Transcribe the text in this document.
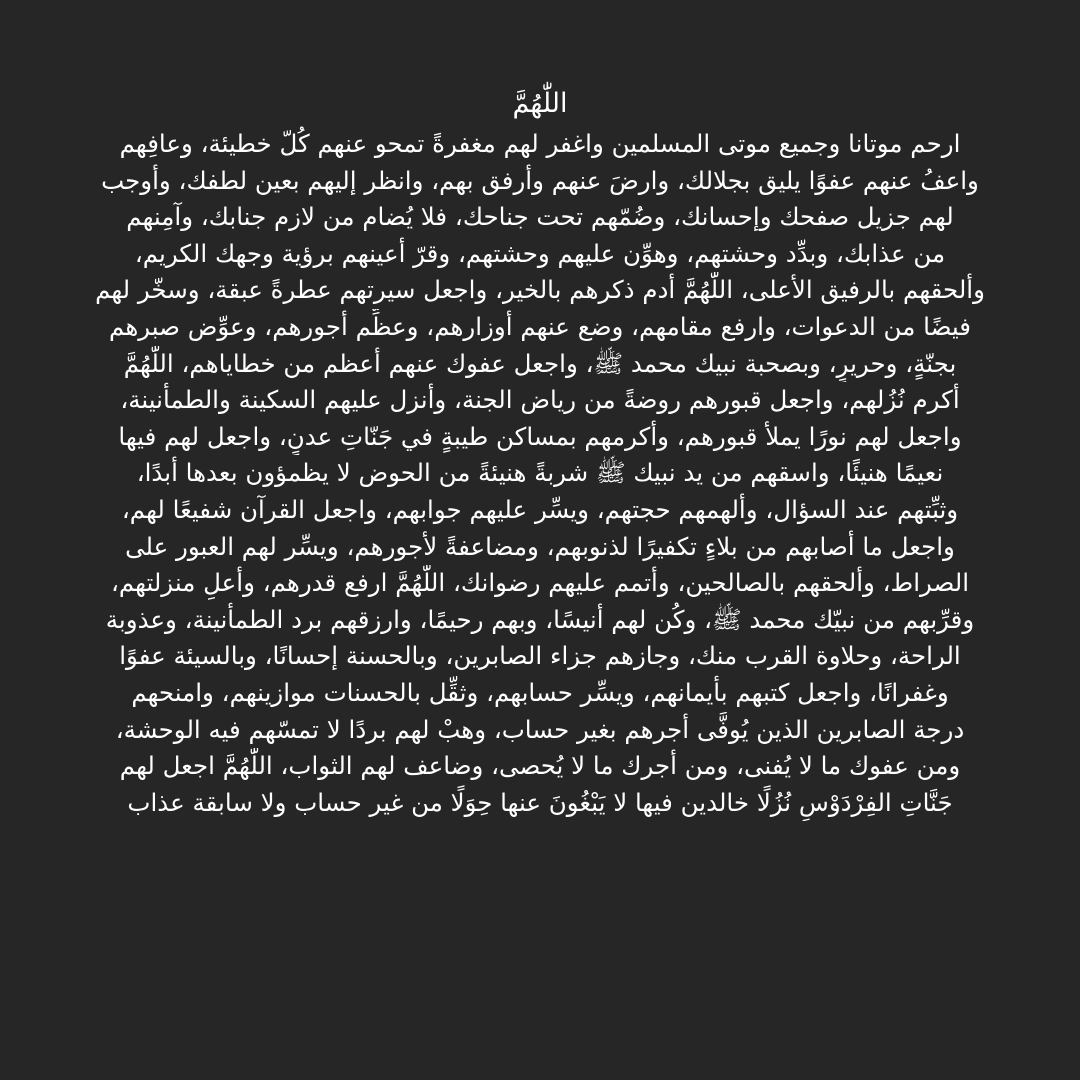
اللّٰهُمَّ
ارحم موتانا وجميع موتى المسلمين واغفر لهم مغفرةً تمحو عنهم كُلّ خطيئة، وعافِهم
واعفُ عنهم عفوًا يليق بجلالك، وارضَ عنهم وأرفق بهم، وانظر إليهم بعين لطفك، وأوجب
لهم جزيل صفحك وإحسانك، وضُمّهم تحت جناحك، فلا يُضام من لازم جنابك، وآمِنهم
من عذابك، وبدِّد وحشتهم، وهوِّن عليهم وحشتهم، وقرّ أعينهم برؤية وجهك الكريم،
وألحقهم بالرفيق الأعلى، اللّٰهُمَّ أدم ذكرهم بالخير، واجعل سيرتهم عطرةً عبقة، وسخّر لهم
فيضًا من الدعوات، وارفع مقامهم، وضع عنهم أوزارهم، وعظِّم أجورهم، وعوِّض صبرهم
بجنّةٍ، وحريرٍ، وبصحبة نبيك محمد ﷺ، واجعل عفوك عنهم أعظم من خطاياهم، اللّٰهُمَّ
أكرم نُزُلهم، واجعل قبورهم روضةً من رياض الجنة، وأنزل عليهم السكينة والطمأنينة،
واجعل لهم نورًا يملأ قبورهم، وأكرمهم بمساكن طيبةٍ في جَنّاتِ عدنٍ، واجعل لهم فيها
نعيمًا هنيئًا، واسقهم من يد نبيك ﷺ شربةً هنيئةً من الحوض لا يظمؤون بعدها أبدًا،
وثبِّتهم عند السؤال، وألهمهم حجتهم، ويسِّر عليهم جوابهم، واجعل القرآن شفيعًا لهم،
واجعل ما أصابهم من بلاءٍ تكفيرًا لذنوبهم، ومضاعفةً لأجورهم، ويسِّر لهم العبور على
الصراط، وألحقهم بالصالحين، وأتمم عليهم رضوانك، اللّٰهُمَّ ارفع قدرهم، وأعلِ منزلتهم،
وقرِّبهم من نبيّك محمد ﷺ، وكُن لهم أنيسًا، وبهم رحيمًا، وارزقهم برد الطمأنينة، وعذوبة
الراحة، وحلاوة القرب منك، وجازهم جزاء الصابرين، وبالحسنة إحسانًا، وبالسيئة عفوًا
وغفرانًا، واجعل كتبهم بأيمانهم، ويسِّر حسابهم، وثقِّل بالحسنات موازينهم، وامنحهم
درجة الصابرين الذين يُوفَّى أجرهم بغير حساب، وهبْ لهم بردًا لا تمسّهم فيه الوحشة،
ومن عفوك ما لا يُفنى، ومن أجرك ما لا يُحصى، وضاعف لهم الثواب، اللّٰهُمَّ اجعل لهم
جَنَّاتِ الفِرْدَوْسِ نُزُلًا خالدين فيها لا يَبْغُونَ عنها حِوَلًا من غير حساب ولا سابقة عذاب
